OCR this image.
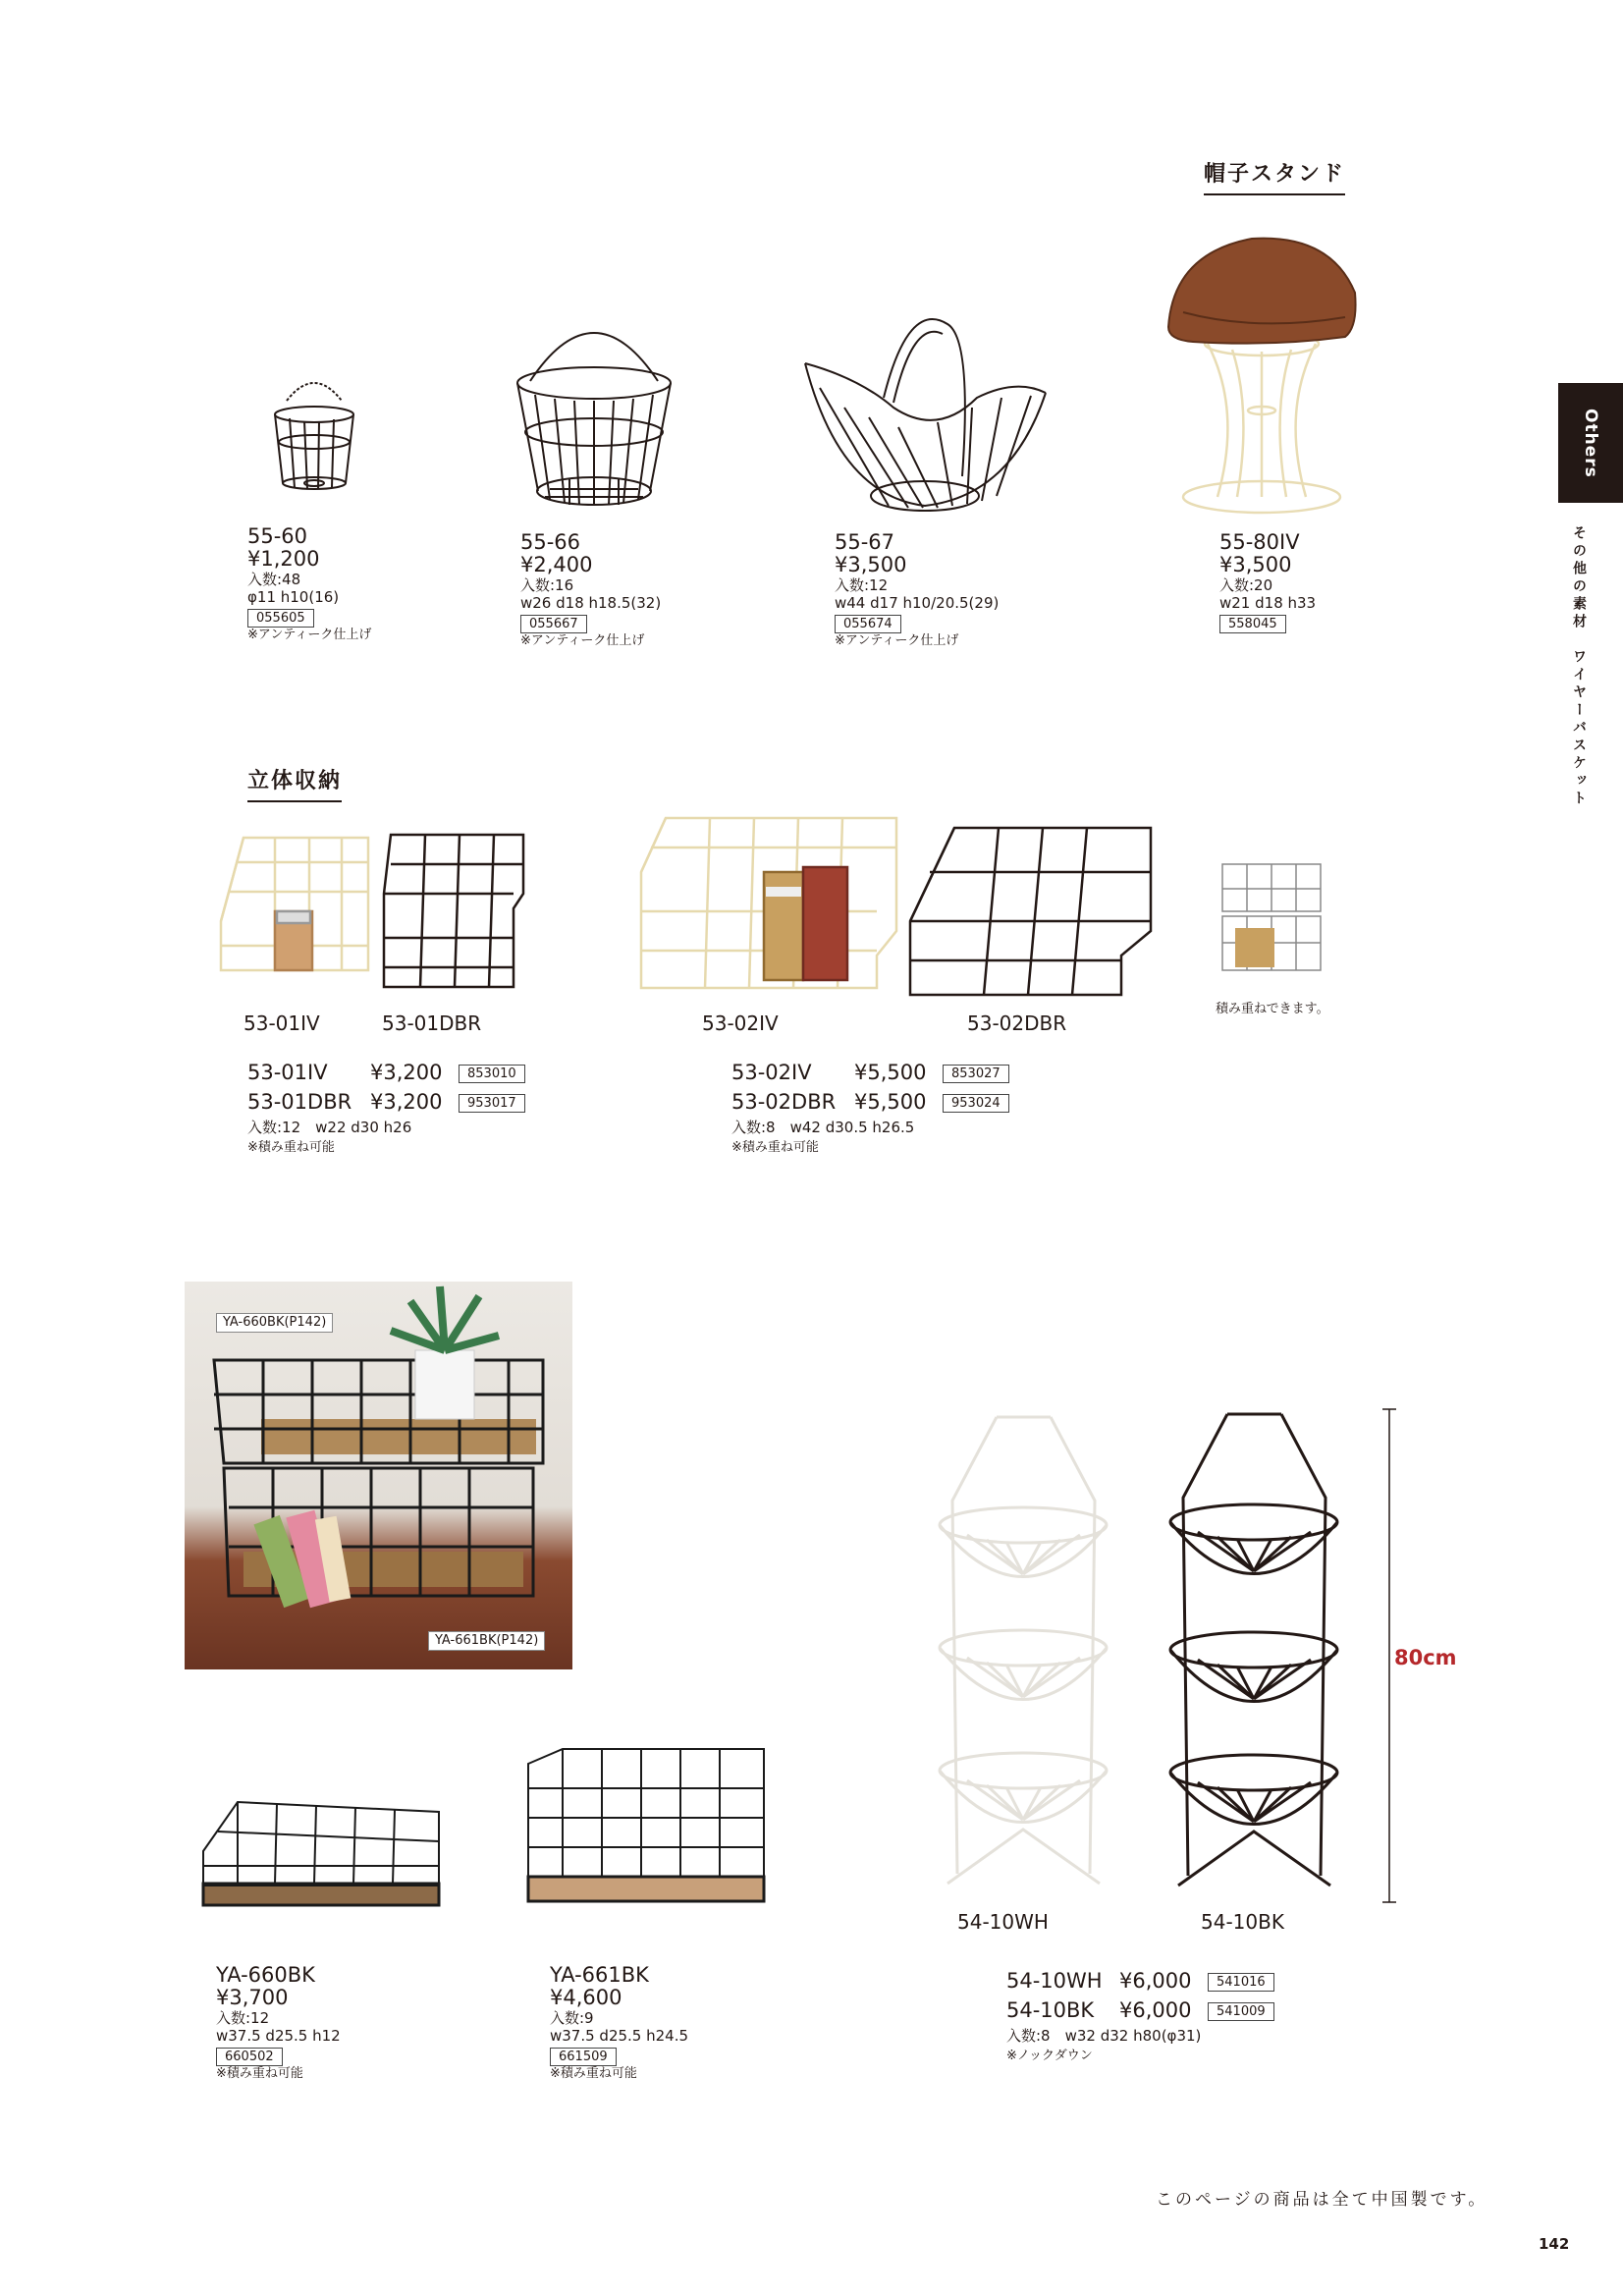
Others
その他の素材　ワイヤーバスケット
帽子スタンド
55-60
¥1,200
入数:48
φ11 h10(16)
055605
※アンティーク仕上げ
55-66
¥2,400
入数:16
w26 d18 h18.5(32)
055667
※アンティーク仕上げ
55-67
¥3,500
入数:12
w44 d17 h10/20.5(29)
055674
※アンティーク仕上げ
55-80IV
¥3,500
入数:20
w21 d18 h33
558045
立体収納
53-01IV	53-01DBR	53-02IV	53-02DBR
積み重ねできます。
53-01IV	¥3,200	853010
53-01DBR ¥3,200	953017
入数:12　w22 d30 h26
※積み重ね可能
53-02IV	¥5,500	853027
53-02DBR ¥5,500	953024
入数:8　w42 d30.5 h26.5
※積み重ね可能
YA-660BK(P142)
YA-661BK(P142)
YA-660BK
¥3,700
入数:12
w37.5 d25.5 h12
660502
※積み重ね可能
YA-661BK
¥4,600
入数:9
w37.5 d25.5 h24.5
661509
※積み重ね可能
80cm
54-10WH	54-10BK
54-10WH ¥6,000	541016
54-10BK	¥6,000	541009
入数:8　w32 d32 h80(φ31)
※ノックダウン
このページの商品は全て中国製です。
142
